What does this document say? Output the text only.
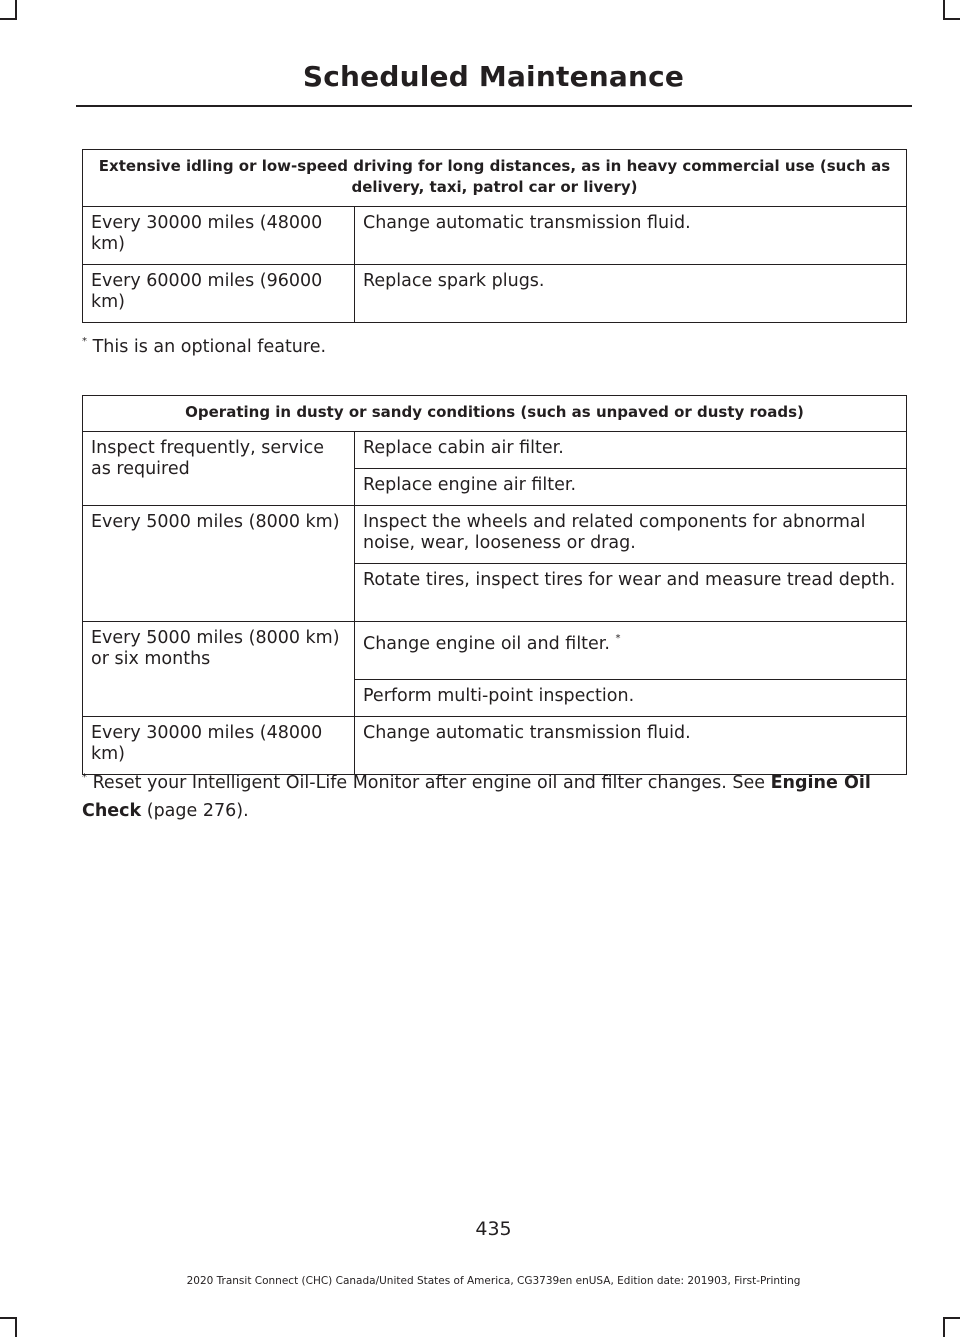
Scheduled Maintenance
Extensive idling or low-speed driving for long distances, as in heavy commercial use (such as delivery, taxi, patrol car or livery)	
Every 30000 miles (48000 km)	Change automatic transmission fluid.
Every 60000 miles (96000 km)	Replace spark plugs.
* This is an optional feature.
Operating in dusty or sandy conditions (such as unpaved or dusty roads)	
Inspect frequently, service as required	Replace cabin air filter.
	Replace engine air filter.
Every 5000 miles (8000 km)	Inspect the wheels and related components for abnormal noise, wear, looseness or drag.
	Rotate tires, inspect tires for wear and measure tread depth.
Every 5000 miles (8000 km) or six months	Change engine oil and filter. *
	Perform multi-point inspection.
Every 30000 miles (48000 km)	Change automatic transmission fluid.
* Reset your Intelligent Oil-Life Monitor after engine oil and filter changes. See Engine Oil Check (page 276).
435
2020 Transit Connect (CHC) Canada/United States of America, CG3739en enUSA, Edition date: 201903, First-Printing
